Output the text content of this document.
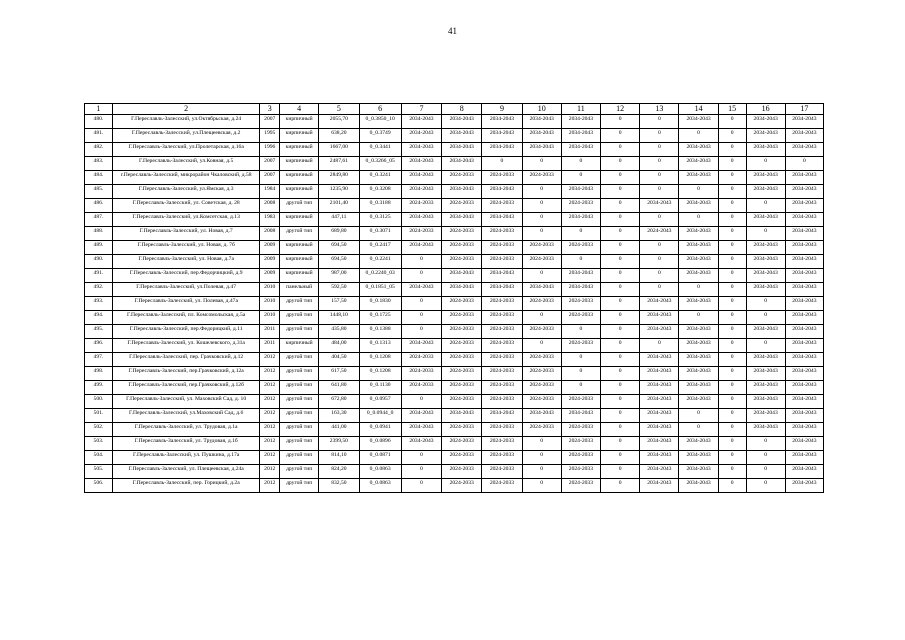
41
1	2	3	4	5	6	7	8	9	10	11	12	13	14	15	16	17
480.	Г.Переславль-Залесский, ул.Октябрьская, д.24	2007	кирпичный	2055,70	0_0.3850_10	2034-2043	2034-2043	2034-2043	2034-2043	2034-2043	0	0	2034-2043	0	2034-2043	2034-2043
481.	Г.Переславль-Залесский, ул.Плещеевская, д.2	1995	кирпичный	638,20	0_0.3749	2034-2043	2034-2043	2034-2043	2034-2043	2034-2043	0	0	0	0	2034-2043	2034-2043
482.	Г.Переславль-Залесский, ул.Пролетарская, д.16а	1996	кирпичный	1667,00	0_0.3441	2034-2043	2034-2043	2034-2043	2034-2043	2034-2043	0	0	2034-2043	0	2034-2043	2034-2043
483.	Г.Переславль-Залесский, ул.Ковная, д.5	2007	кирпичный	2487,61	0_0.3266_05	2034-2043	2034-2043	0	0	0	0	0	2034-2043	0	0	0
484.	г.Переславль-Залесский, микрорайон Чкаловский, д.58	2007	кирпичный	2849,80	0_0.3241	2034-2043	2024-2033	2024-2033	2024-2033	0	0	0	2034-2043	0	2034-2043	2034-2043
485.	Г.Переславль-Залесский, ул.Ямская, д.3	1984	кирпичный	1235,90	0_0.3208	2034-2043	2034-2043	2034-2043	0	2034-2043	0	0	0	0	2034-2043	2034-2043
486.	Г.Переславль-Залесский, ул. Советская, д. 28	2008	другой тип	2101,40	0_0.3188	2024-2033	2024-2033	2024-2033	0	2024-2033	0	2034-2043	2034-2043	0	0	2034-2043
487.	Г.Переславль-Залесский, ул.Комсетская, д.13	1983	кирпичный	447,11	0_0.3125	2034-2043	2034-2043	2034-2043	0	2034-2043	0	0	0	0	2034-2043	2034-2043
488.	Г.Переславль-Залесский, ул. Новая, д.7	2008	другой тип	689,80	0_0.3071	2024-2033	2024-2033	2024-2033	0	0	0	2024-2043	2034-2043	0	0	2034-2043
489.	Г.Переславль-Залесский, ул. Новая, д. 7б	2009	кирпичный	694,50	0_0.2417	2034-2043	2024-2033	2024-2033	2024-2033	2024-2033	0	0	2034-2043	0	2034-2043	2034-2043
490.	Г.Переславль-Залесский, ул. Новая, д.7а	2009	кирпичный	694,50	0_0.2241	0	2024-2033	2024-2033	2024-2033	0	0	0	2034-2043	0	2034-2043	2034-2043
491.	Г.Переславль-Залесский, пер.Федорчицкий, д.9	2009	кирпичный	987,00	0_0.2240_03	0	2034-2043	2034-2043	0	2034-2043	0	0	2034-2043	0	2034-2043	2034-2043
492.	Г.Переславль-Залесский, ул.Полевая, д.47	2010	панельный	592,50	0_0.1851_05	2034-2043	2034-2043	2034-2043	2034-2043	2034-2043	0	0	0	0	2034-2043	2034-2043
493.	Г.Переславль-Залесский, ул. Полевая, д.47а	2010	другой тип	157,50	0_0.1830	0	2024-2033	2024-2033	2024-2033	2024-2033	0	2034-2043	2034-2043	0	0	2034-2043
494.	Г.Переславль-Залесский, пл. Комсомольская, д.5а	2010	другой тип	1448,10	0_0.1725	0	2024-2033	2024-2033	0	2024-2033	0	2034-2043	0	0	0	2034-2043
495.	Г.Переславль-Залесский, пер.Федорицкий, д.11	2011	другой тип	435,80	0_0.1388	0	2024-2033	2024-2033	2024-2033	0	0	2034-2043	2034-2043	0	2034-2043	2034-2043
496.	Г.Переславль-Залесский, ул. Кошелевского, д.31а	2011	кирпичный	484,00	0_0.1313	2034-2043	2024-2033	2024-2033	0	2024-2033	0	0	2034-2043	0	0	2034-2043
497.	Г.Переславль-Залесский, пер. Грачковский, д.12	2012	другой тип	404,50	0_0.1208	2024-2033	2024-2033	2024-2033	2024-2033	0	0	2034-2043	2034-2043	0	2034-2043	2034-2043
498.	Г.Переславль-Залесский, пер.Грачковский, д.12а	2012	другой тип	617,50	0_0.1208	2024-2033	2024-2033	2024-2033	2024-2033	0	0	2034-2043	2034-2043	0	2034-2043	2034-2043
499.	Г.Переславль-Залесский, пер.Грачковский, д.12б	2012	другой тип	641,80	0_0.1130	2024-2033	2024-2033	2024-2033	2024-2033	0	0	2034-2043	2034-2043	0	2034-2043	2034-2043
500.	Г.Переславль-Залесский, ул. Маховский Сад, д. 10	2012	другой тип	672,80	0_0.0957	0	2024-2033	2024-2033	2024-2033	2024-2033	0	2034-2043	2034-2043	0	2034-2043	2034-2043
501.	Г.Переславль-Залесский, ул.Маховский Сад, д.6	2012	другой тип	163,30	0_0.0944_0	2034-2043	2034-2043	2034-2043	2034-2043	2034-2043	0	2034-2043	0	0	2034-2043	2034-2043
502.	Г.Переславль-Залесский, ул. Трудовая, д.1а	2012	другой тип	441,00	0_0.0941	2034-2043	2024-2033	2024-2033	2024-2033	2024-2033	0	2034-2043	0	0	2034-2043	2034-2043
503.	Г.Переславль-Залесский, ул. Трудовая, д.1б	2012	другой тип	2399,50	0_0.0896	2034-2043	2024-2033	2024-2033	0	2024-2033	0	2034-2043	2034-2043	0	0	2034-2043
504.	Г.Переславль-Залесский, ул. Пушкина, д.17а	2012	другой тип	814,10	0_0.0871	0	2024-2033	2024-2033	0	2024-2033	0	2034-2043	2034-2043	0	0	2034-2043
505.	Г.Переславль-Залесский, ул. Плещеевская, д.24а	2012	другой тип	824,20	0_0.0863	0	2024-2033	2024-2033	0	2024-2033	0	2034-2043	2034-2043	0	0	2034-2043
506.	Г.Переславль-Залесский, пер. Горицкий, д.2а	2012	другой тип	832,50	0_0.0863	0	2024-2033	2024-2033	0	2024-2033	0	2034-2043	2034-2043	0	0	2034-2043
